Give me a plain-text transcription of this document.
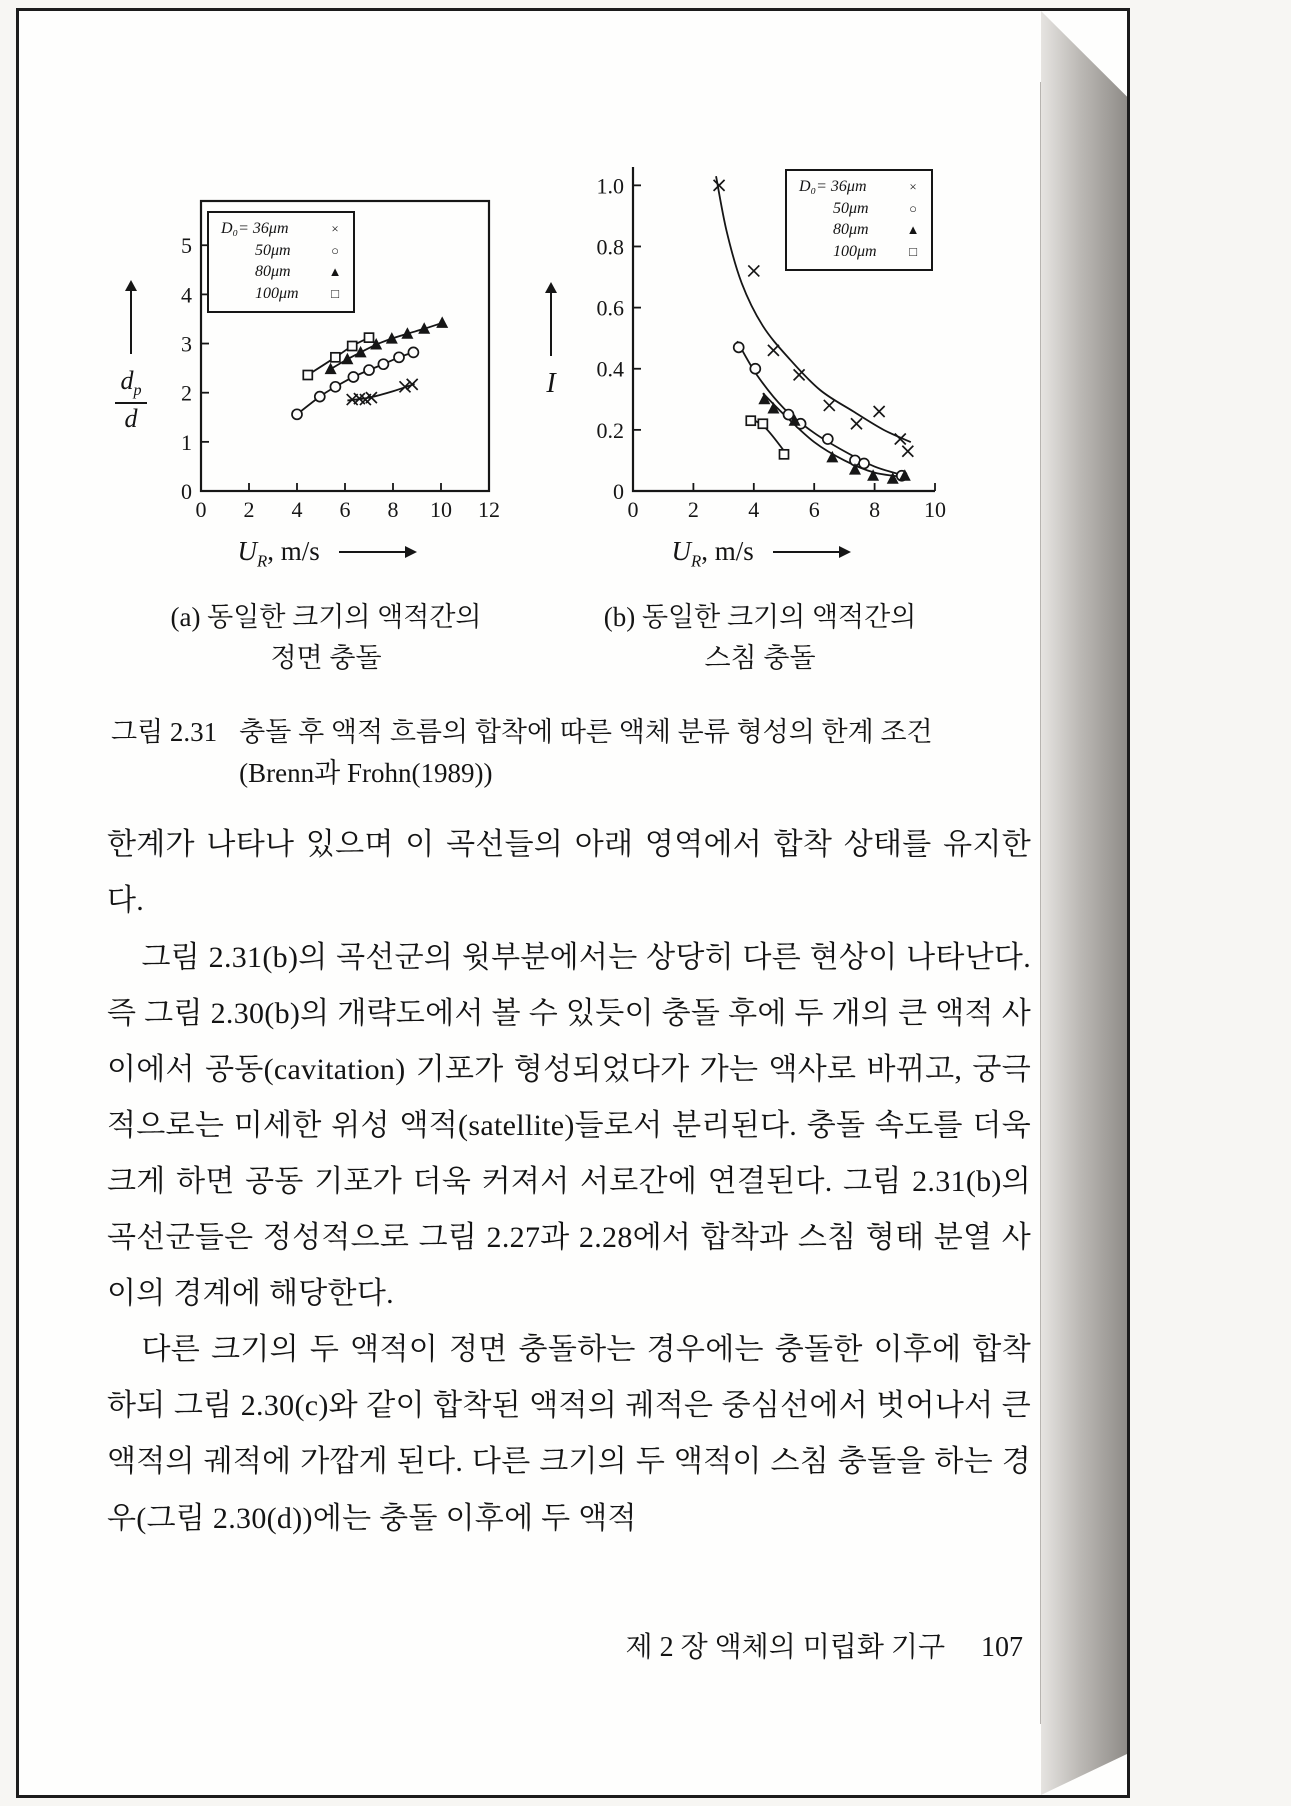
$\frac{d_p}{d}$
0 2 4 6 8 10 12
0
1
2
3
4
5
D₀= 36μm	×
50μm	○
80μm	▲
100μm	□
$U_R$, m/s
(a) 동일한 크기의 액적간의
정면 충돌
I
0 2 4 6 8 10
0
0.2
0.4
0.6
0.8
1.0	D₀= 36μm	×
50μm	○
80μm	▲
100μm	□
$U_R$, m/s
(b) 동일한 크기의 액적간의
스침 충돌
그림 2.31 충돌 후 액적 흐름의 합착에 따른 액체 분류 형성의 한계 조건
(Brenn과 Frohn(1989))

한계가 나타나 있으며 이 곡선들의 아래 영역에서 합착 상태를 유지한다.

그림 2.31(b)의 곡선군의 윗부분에서는 상당히 다른 현상이 나타난다. 즉 그림 2.30(b)의 개략도에서 볼 수 있듯이 충돌 후에 두 개의 큰 액적 사이에서 공동(cavitation) 기포가 형성되었다가 가는 액사로 바뀌고, 궁극적으로는 미세한 위성 액적(satellite)들로서 분리된다. 충돌 속도를 더욱 크게 하면 공동 기포가 더욱 커져서 서로간에 연결된다. 그림 2.31(b)의 곡선군들은 정성적으로 그림 2.27과 2.28에서 합착과 스침 형태 분열 사이의 경계에 해당한다.

다른 크기의 두 액적이 정면 충돌하는 경우에는 충돌한 이후에 합착하되 그림 2.30(c)와 같이 합착된 액적의 궤적은 중심선에서 벗어나서 큰 액적의 궤적에 가깝게 된다. 다른 크기의 두 액적이 스침 충돌을 하는 경우(그림 2.30(d))에는 충돌 이후에 두 액적

제 2 장 액체의 미립화 기구 107
